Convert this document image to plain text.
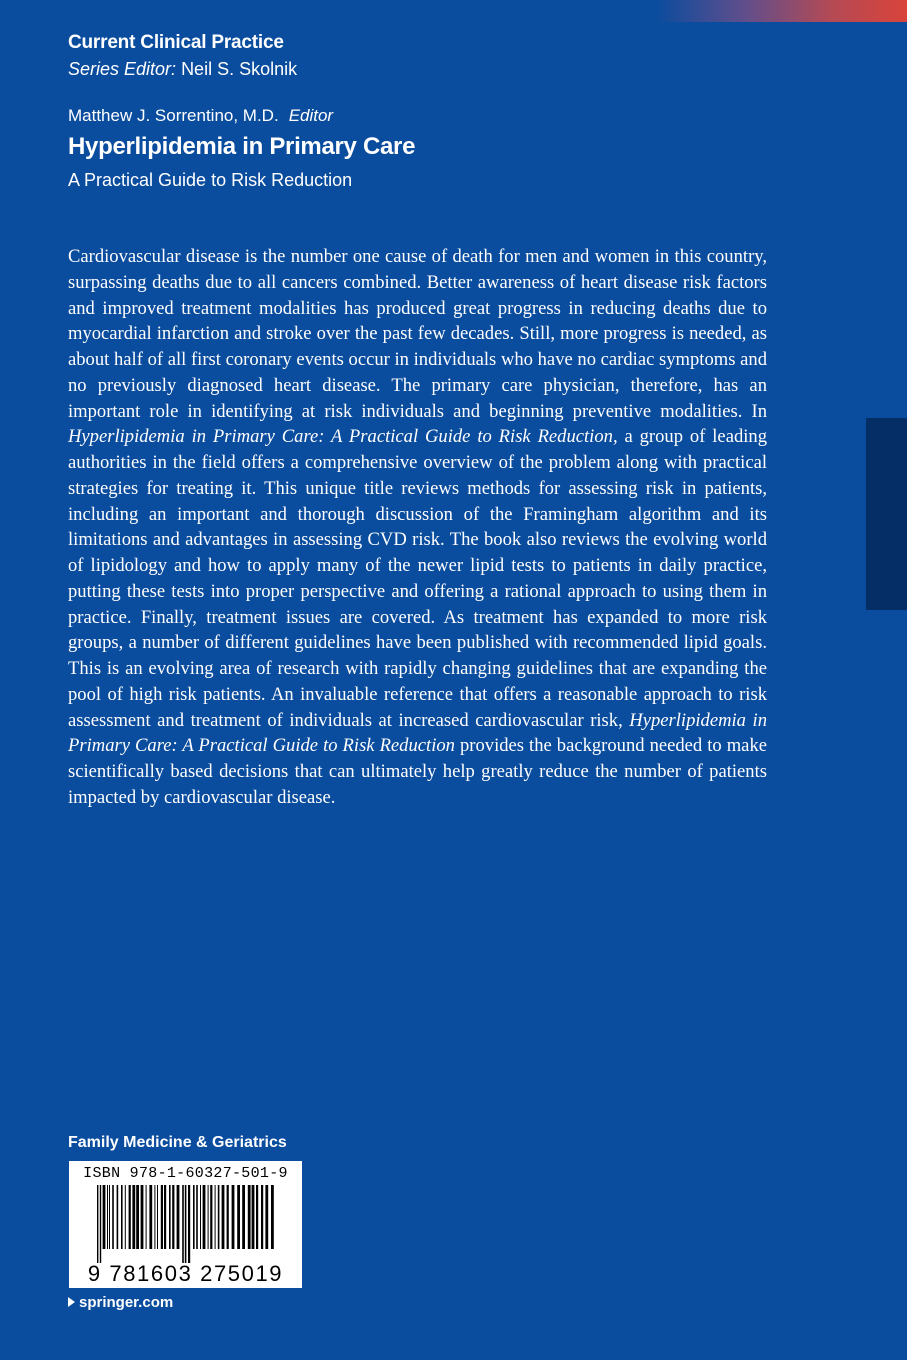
Current Clinical Practice
Series Editor: Neil S. Skolnik
Matthew J. Sorrentino, M.D. Editor
Hyperlipidemia in Primary Care
A Practical Guide to Risk Reduction

Cardiovascular disease is the number one cause of death for men and women in this country, surpassing deaths due to all cancers combined. Better awareness of heart disease risk factors and improved treatment modalities has produced great progress in reducing deaths due to myocardial infarction and stroke over the past few decades. Still, more progress is needed, as about half of all first coronary events occur in individuals who have no cardiac symptoms and no previously diagnosed heart disease. The primary care physician, therefore, has an important role in identifying at risk individuals and beginning preventive modalities. In Hyperlipidemia in Primary Care: A Practical Guide to Risk Reduction, a group of leading authorities in the field offers a comprehensive overview of the problem along with practical strategies for treating it. This unique title reviews methods for assessing risk in patients, including an important and thorough discussion of the Framingham algorithm and its limitations and advantages in assessing CVD risk. The book also reviews the evolving world of lipidology and how to apply many of the newer lipid tests to patients in daily practice, putting these tests into proper perspective and offering a rational approach to using them in practice. Finally, treatment issues are covered. As treatment has expanded to more risk groups, a number of different guidelines have been published with recommended lipid goals. This is an evolving area of research with rapidly changing guidelines that are expanding the pool of high risk patients. An invaluable reference that offers a reasonable approach to risk assessment and treatment of individuals at increased cardiovascular risk, Hyperlipidemia in Primary Care: A Practical Guide to Risk Reduction provides the background needed to make scientifically based decisions that can ultimately help greatly reduce the number of patients impacted by cardiovascular disease.

Family Medicine & Geriatrics
ISBN 978-1-60327-501-9
9 781603 275019
springer.com
